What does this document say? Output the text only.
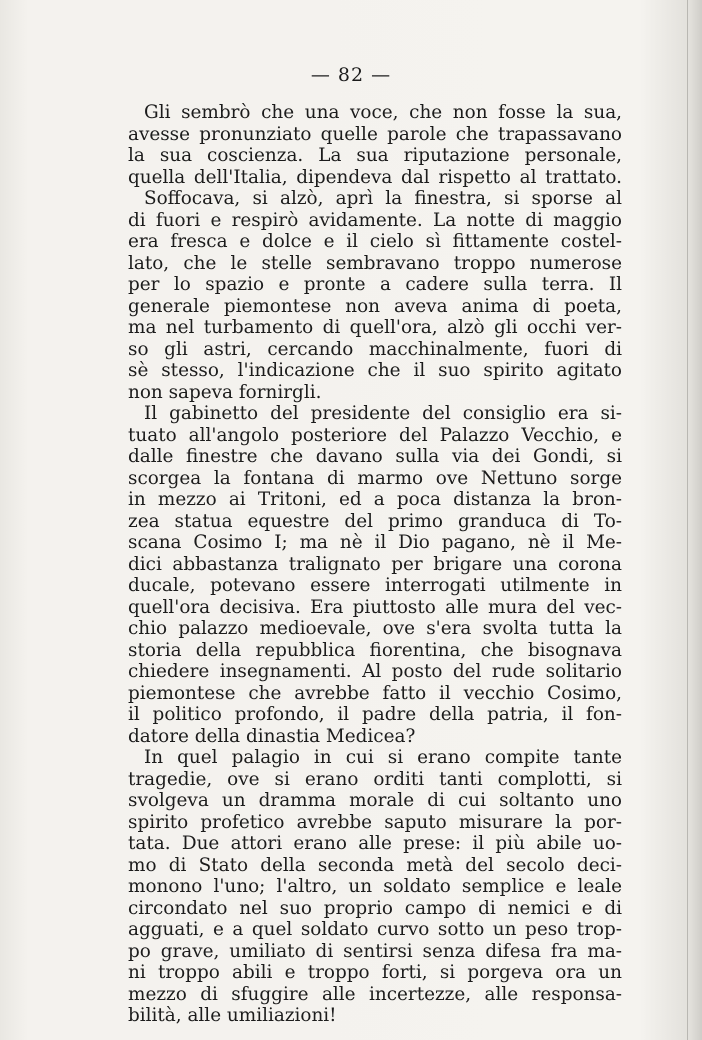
— 82 —
Gli sembrò che una voce, che non fosse la sua,
avesse pronunziato quelle parole che trapassavano
la sua coscienza. La sua riputazione personale,
quella dell'Italia, dipendeva dal rispetto al trattato.
Soffocava, si alzò, aprì la finestra, si sporse al
di fuori e respirò avidamente. La notte di maggio
era fresca e dolce e il cielo sì fittamente costel-
lato, che le stelle sembravano troppo numerose
per lo spazio e pronte a cadere sulla terra. Il
generale piemontese non aveva anima di poeta,
ma nel turbamento di quell'ora, alzò gli occhi ver-
so gli astri, cercando macchinalmente, fuori di
sè stesso, l'indicazione che il suo spirito agitato
non sapeva fornirgli.
Il gabinetto del presidente del consiglio era si-
tuato all'angolo posteriore del Palazzo Vecchio, e
dalle finestre che davano sulla via dei Gondi, si
scorgea la fontana di marmo ove Nettuno sorge
in mezzo ai Tritoni, ed a poca distanza la bron-
zea statua equestre del primo granduca di To-
scana Cosimo I; ma nè il Dio pagano, nè il Me-
dici abbastanza tralignato per brigare una corona
ducale, potevano essere interrogati utilmente in
quell'ora decisiva. Era piuttosto alle mura del vec-
chio palazzo medioevale, ove s'era svolta tutta la
storia della repubblica fiorentina, che bisognava
chiedere insegnamenti. Al posto del rude solitario
piemontese che avrebbe fatto il vecchio Cosimo,
il politico profondo, il padre della patria, il fon-
datore della dinastia Medicea?
In quel palagio in cui si erano compite tante
tragedie, ove si erano orditi tanti complotti, si
svolgeva un dramma morale di cui soltanto uno
spirito profetico avrebbe saputo misurare la por-
tata. Due attori erano alle prese: il più abile uo-
mo di Stato della seconda metà del secolo deci-
monono l'uno; l'altro, un soldato semplice e leale
circondato nel suo proprio campo di nemici e di
agguati, e a quel soldato curvo sotto un peso trop-
po grave, umiliato di sentirsi senza difesa fra ma-
ni troppo abili e troppo forti, si porgeva ora un
mezzo di sfuggire alle incertezze, alle responsa-
bilità, alle umiliazioni!
